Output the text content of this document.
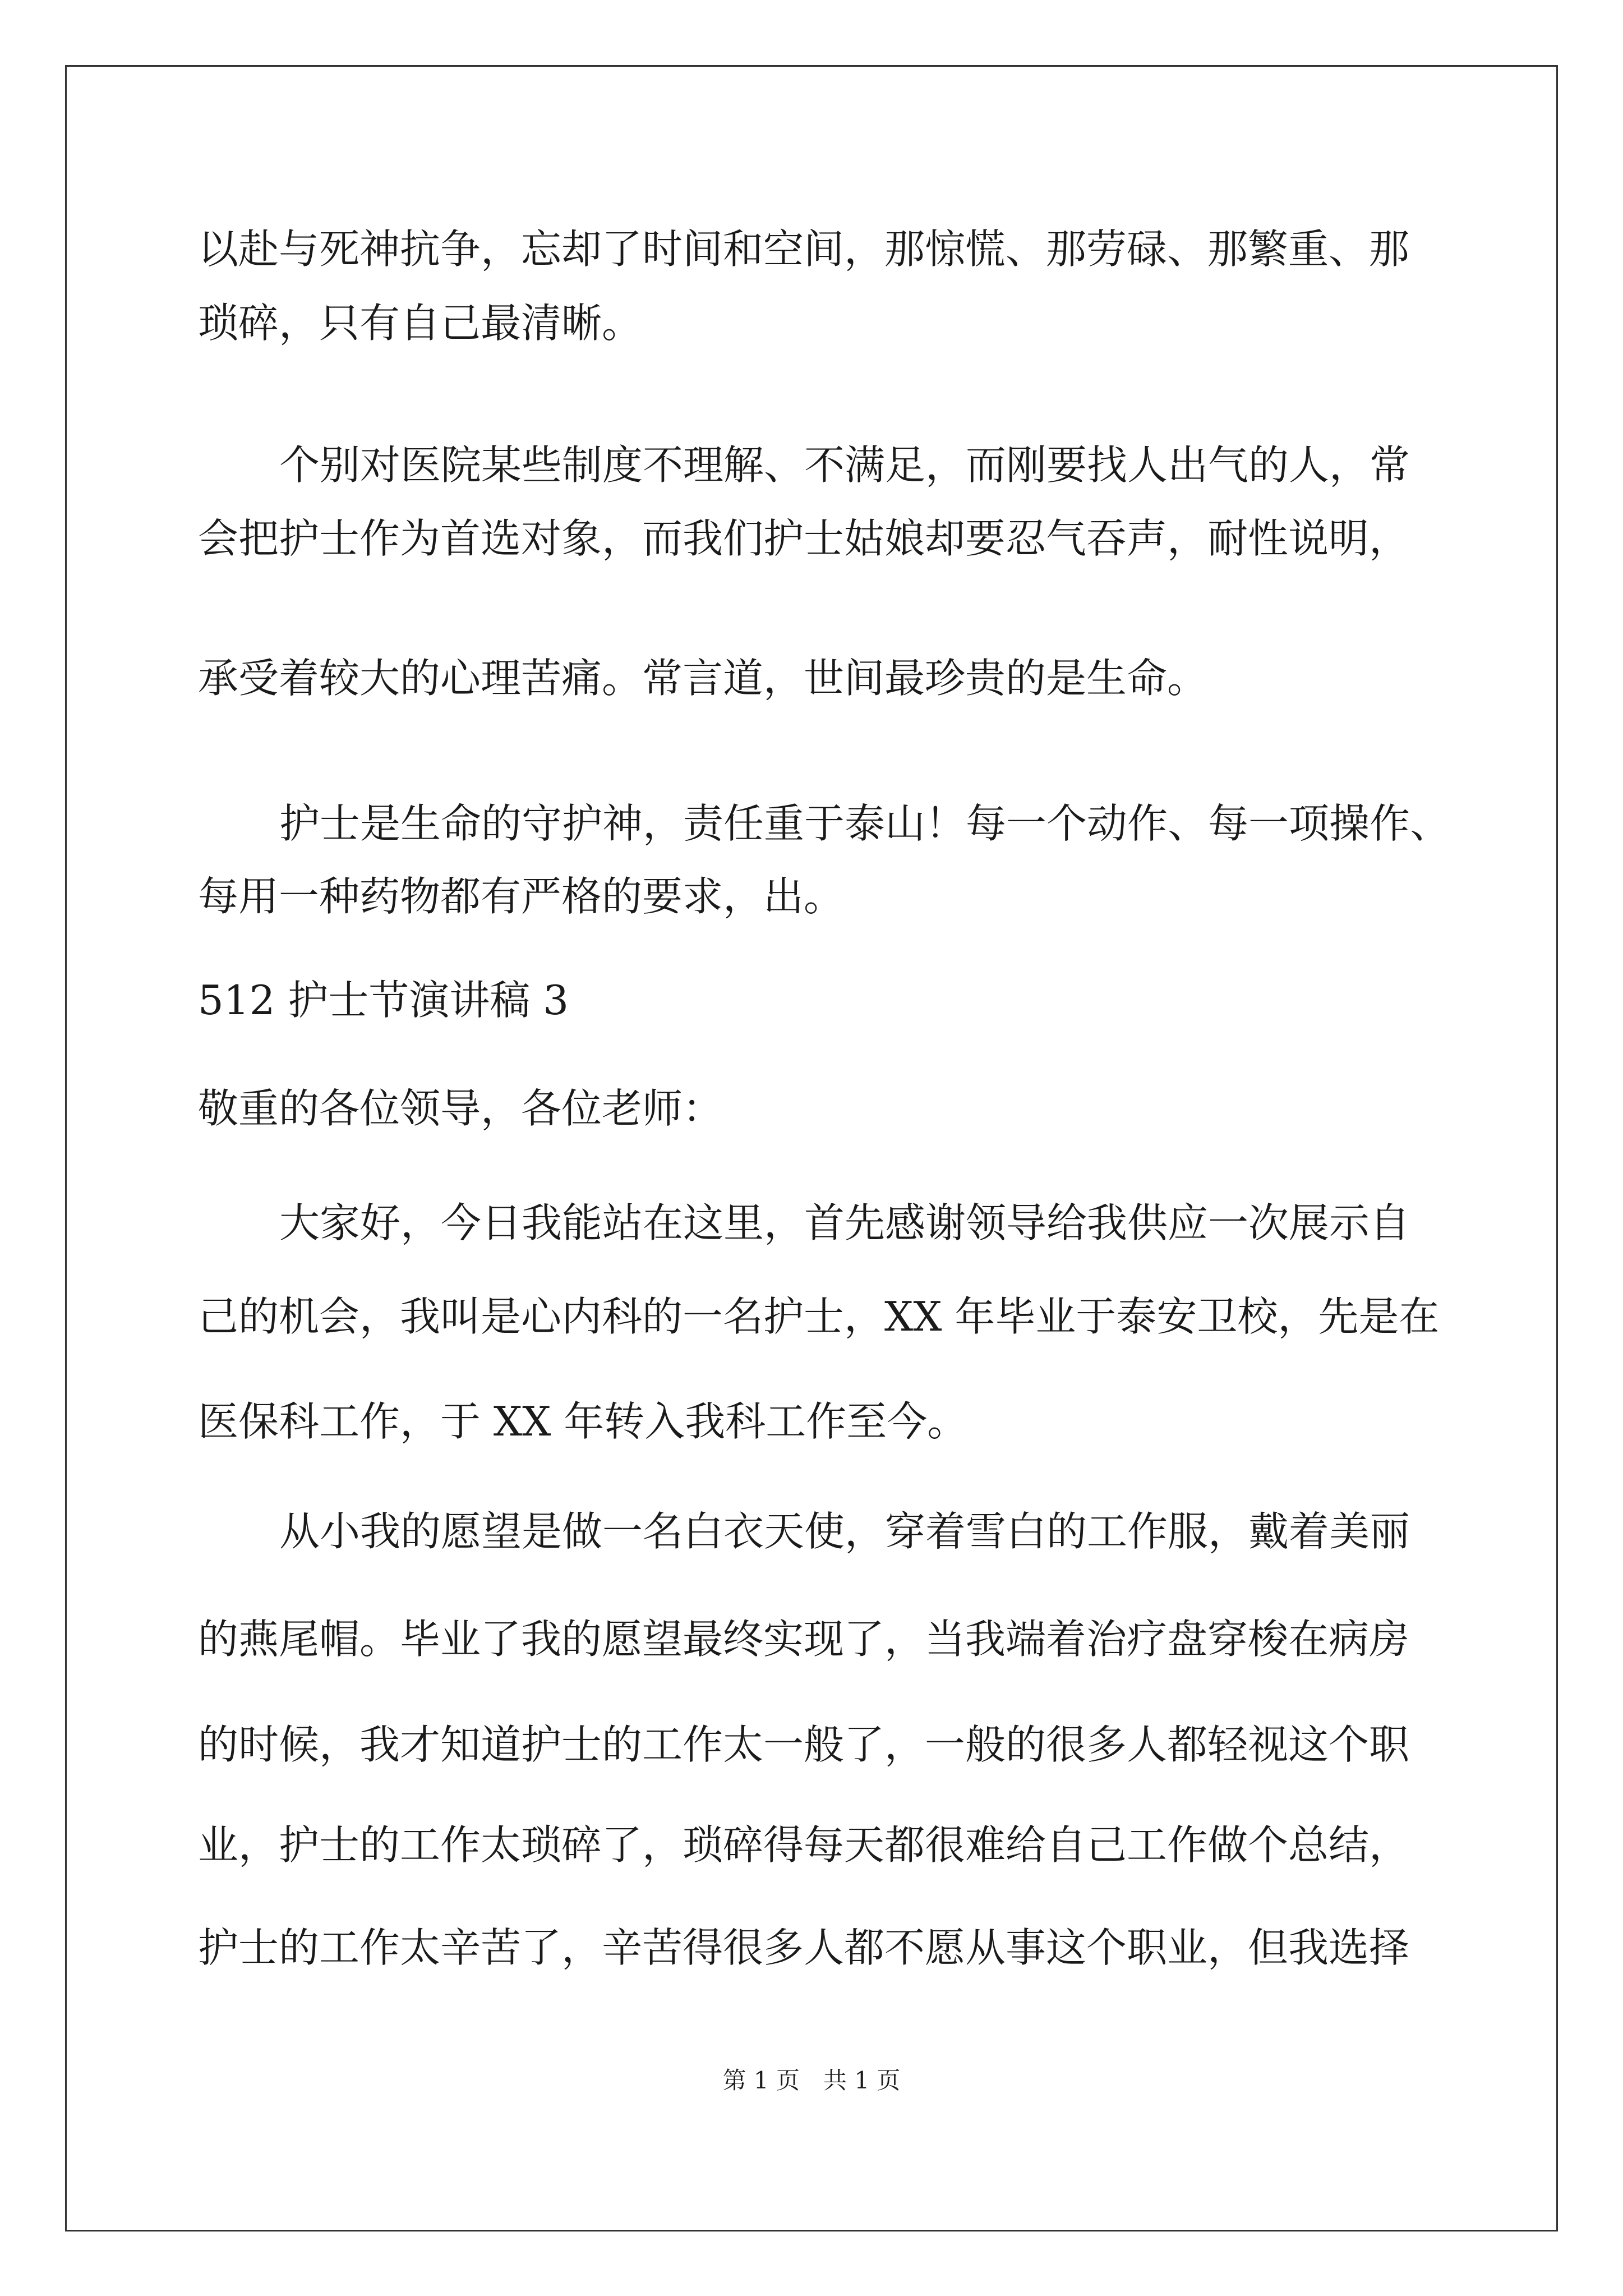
以赴与死神抗争，忘却了时间和空间，那惊慌、那劳碌、那繁重、那
琐碎，只有自己最清晰。
个别对医院某些制度不理解、不满足，而刚要找人出气的人，常
会把护士作为首选对象，而我们护士姑娘却要忍气吞声，耐性说明，
承受着较大的心理苦痛。常言道，世间最珍贵的是生命。
护士是生命的守护神，责任重于泰山！每一个动作、每一项操作、
每用一种药物都有严格的要求，出。
512 护士节演讲稿 3
敬重的各位领导，各位老师：
大家好，今日我能站在这里，首先感谢领导给我供应一次展示自
己的机会，我叫是心内科的一名护士，XX 年毕业于泰安卫校，先是在
医保科工作，于 XX 年转入我科工作至今。
从小我的愿望是做一名白衣天使，穿着雪白的工作服，戴着美丽
的燕尾帽。毕业了我的愿望最终实现了，当我端着治疗盘穿梭在病房
的时候，我才知道护士的工作太一般了，一般的很多人都轻视这个职
业，护士的工作太琐碎了，琐碎得每天都很难给自己工作做个总结，
护士的工作太辛苦了，辛苦得很多人都不愿从事这个职业，但我选择
第 1 页　共 1 页
